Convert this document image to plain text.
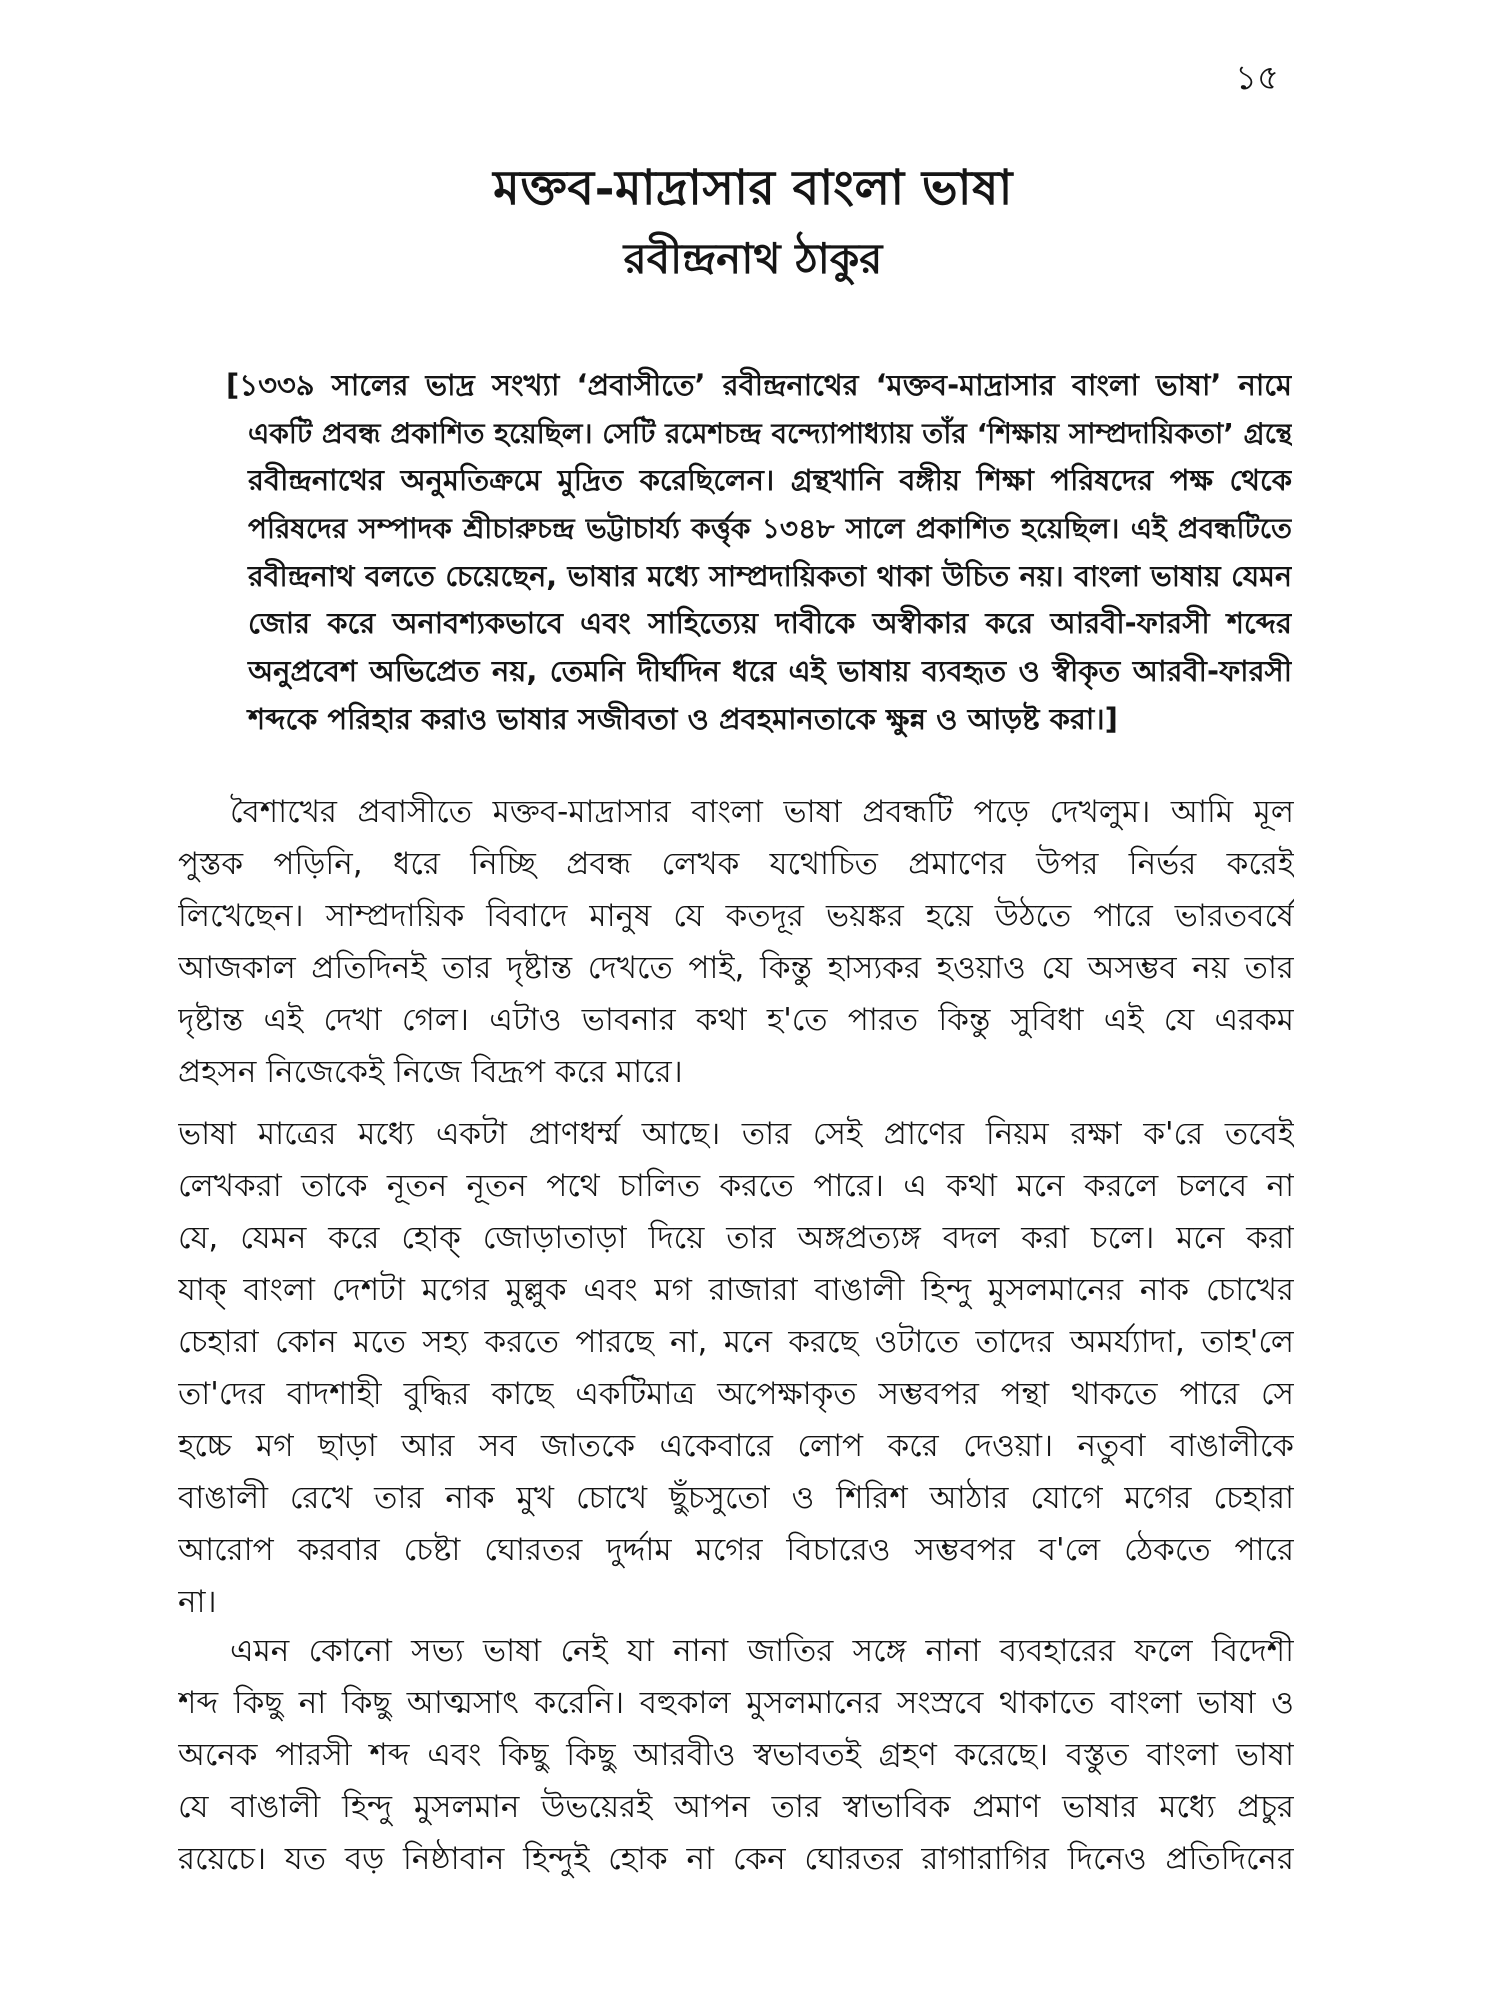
১৫
মক্তব-মাদ্রাসার বাংলা ভাষা
রবীন্দ্রনাথ ঠাকুর
[১৩৩৯ সালের ভাদ্র সংখ্যা ‘প্রবাসীতে’ রবীন্দ্রনাথের ‘মক্তব-মাদ্রাসার বাংলা ভাষা’ নামে
একটি প্রবন্ধ প্রকাশিত হয়েছিল। সেটি রমেশচন্দ্র বন্দ্যোপাধ্যায় তাঁর ‘শিক্ষায় সাম্প্রদায়িকতা’ গ্রন্থে
রবীন্দ্রনাথের অনুমতিক্রমে মুদ্রিত করেছিলেন। গ্রন্থখানি বঙ্গীয় শিক্ষা পরিষদের পক্ষ থেকে
পরিষদের সম্পাদক শ্রীচারুচন্দ্র ভট্টাচার্য্য কর্ত্তৃক ১৩৪৮ সালে প্রকাশিত হয়েছিল। এই প্রবন্ধটিতে
রবীন্দ্রনাথ বলতে চেয়েছেন, ভাষার মধ্যে সাম্প্রদায়িকতা থাকা উচিত নয়। বাংলা ভাষায় যেমন
জোর করে অনাবশ্যকভাবে এবং সাহিত্যেয় দাবীকে অস্বীকার করে আরবী-ফারসী শব্দের
অনুপ্রবেশ অভিপ্রেত নয়, তেমনি দীর্ঘদিন ধরে এই ভাষায় ব্যবহৃত ও স্বীকৃত আরবী-ফারসী
শব্দকে পরিহার করাও ভাষার সজীবতা ও প্রবহমানতাকে ক্ষুন্ন ও আড়ষ্ট করা।]
বৈশাখের প্রবাসীতে মক্তব-মাদ্রাসার বাংলা ভাষা প্রবন্ধটি পড়ে দেখলুম। আমি মূল
পুস্তক পড়িনি, ধরে নিচ্ছি প্রবন্ধ লেখক যথোচিত প্রমাণের উপর নির্ভর করেই
লিখেছেন। সাম্প্রদায়িক বিবাদে মানুষ যে কতদূর ভয়ঙ্কর হয়ে উঠতে পারে ভারতবর্ষে
আজকাল প্রতিদিনই তার দৃষ্টান্ত দেখতে পাই, কিন্তু হাস্যকর হওয়াও যে অসম্ভব নয় তার
দৃষ্টান্ত এই দেখা গেল। এটাও ভাবনার কথা হ'তে পারত কিন্তু সুবিধা এই যে এরকম
প্রহসন নিজেকেই নিজে বিদ্রূপ করে মারে।
ভাষা মাত্রের মধ্যে একটা প্রাণধর্ম্ম আছে। তার সেই প্রাণের নিয়ম রক্ষা ক'রে তবেই
লেখকরা তাকে নূতন নূতন পথে চালিত করতে পারে। এ কথা মনে করলে চলবে না
যে, যেমন করে হোক্ জোড়াতাড়া দিয়ে তার অঙ্গপ্রত্যঙ্গ বদল করা চলে। মনে করা
যাক্ বাংলা দেশটা মগের মুল্লুক এবং মগ রাজারা বাঙালী হিন্দু মুসলমানের নাক চোখের
চেহারা কোন মতে সহ্য করতে পারছে না, মনে করছে ওটাতে তাদের অমর্য্যাদা, তাহ'লে
তা'দের বাদশাহী বুদ্ধির কাছে একটিমাত্র অপেক্ষাকৃত সম্ভবপর পন্থা থাকতে পারে সে
হচ্চে মগ ছাড়া আর সব জাতকে একেবারে লোপ করে দেওয়া। নতুবা বাঙালীকে
বাঙালী রেখে তার নাক মুখ চোখে ছুঁচসুতো ও শিরিশ আঠার যোগে মগের চেহারা
আরোপ করবার চেষ্টা ঘোরতর দুর্দ্দাম মগের বিচারেও সম্ভবপর ব'লে ঠেকতে পারে
না।
এমন কোনো সভ্য ভাষা নেই যা নানা জাতির সঙ্গে নানা ব্যবহারের ফলে বিদেশী
শব্দ কিছু না কিছু আত্মসাৎ করেনি। বহুকাল মুসলমানের সংস্রবে থাকাতে বাংলা ভাষা ও
অনেক পারসী শব্দ এবং কিছু কিছু আরবীও স্বভাবতই গ্রহণ করেছে। বস্তুত বাংলা ভাষা
যে বাঙালী হিন্দু মুসলমান উভয়েরই আপন তার স্বাভাবিক প্রমাণ ভাষার মধ্যে প্রচুর
রয়েচে। যত বড় নিষ্ঠাবান হিন্দুই হোক না কেন ঘোরতর রাগারাগির দিনেও প্রতিদিনের
